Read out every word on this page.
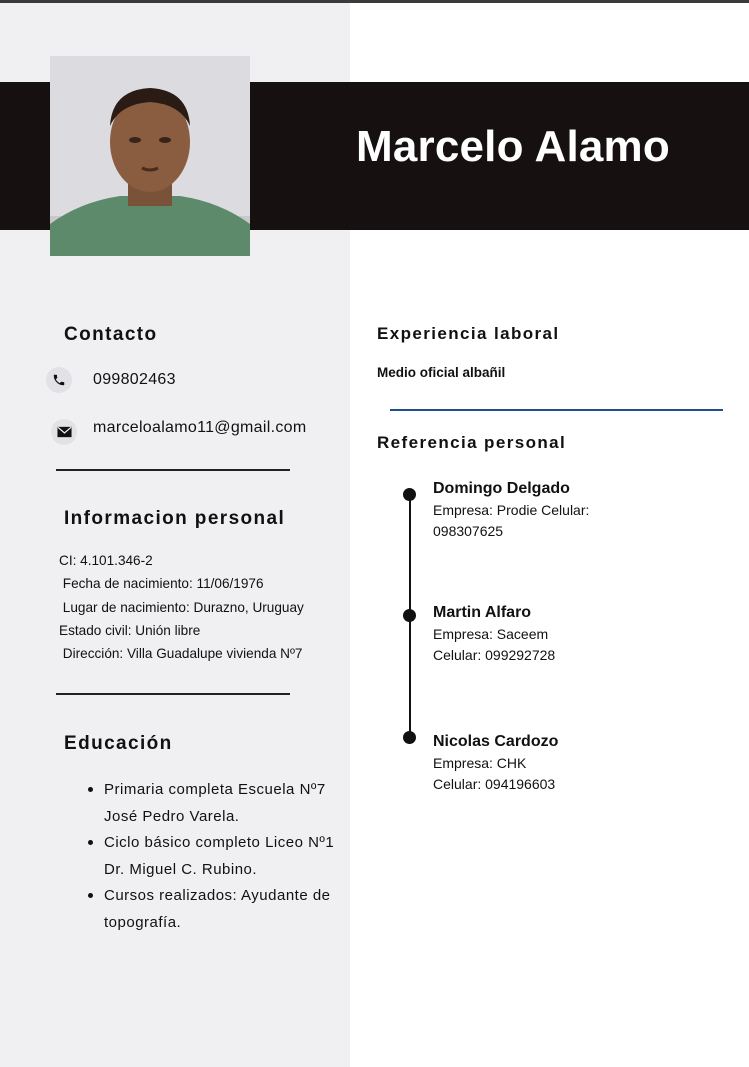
Marcelo Alamo
Contacto
099802463
marceloalamo11@gmail.com
Informacion personal
CI: 4.101.346-2
Fecha de nacimiento: 11/06/1976
Lugar de nacimiento: Durazno, Uruguay
Estado civil: Unión libre
Dirección: Villa Guadalupe vivienda Nº7
Educación
Primaria completa Escuela Nº7 José Pedro Varela.
Ciclo básico completo Liceo Nº1 Dr. Miguel C. Rubino.
Cursos realizados: Ayudante de topografía.
Experiencia laboral
Medio oficial albañil
Referencia personal
Domingo Delgado
Empresa: Prodie Celular:
098307625
Martin Alfaro
Empresa: Saceem
Celular: 099292728
Nicolas Cardozo
Empresa: CHK
Celular: 094196603
